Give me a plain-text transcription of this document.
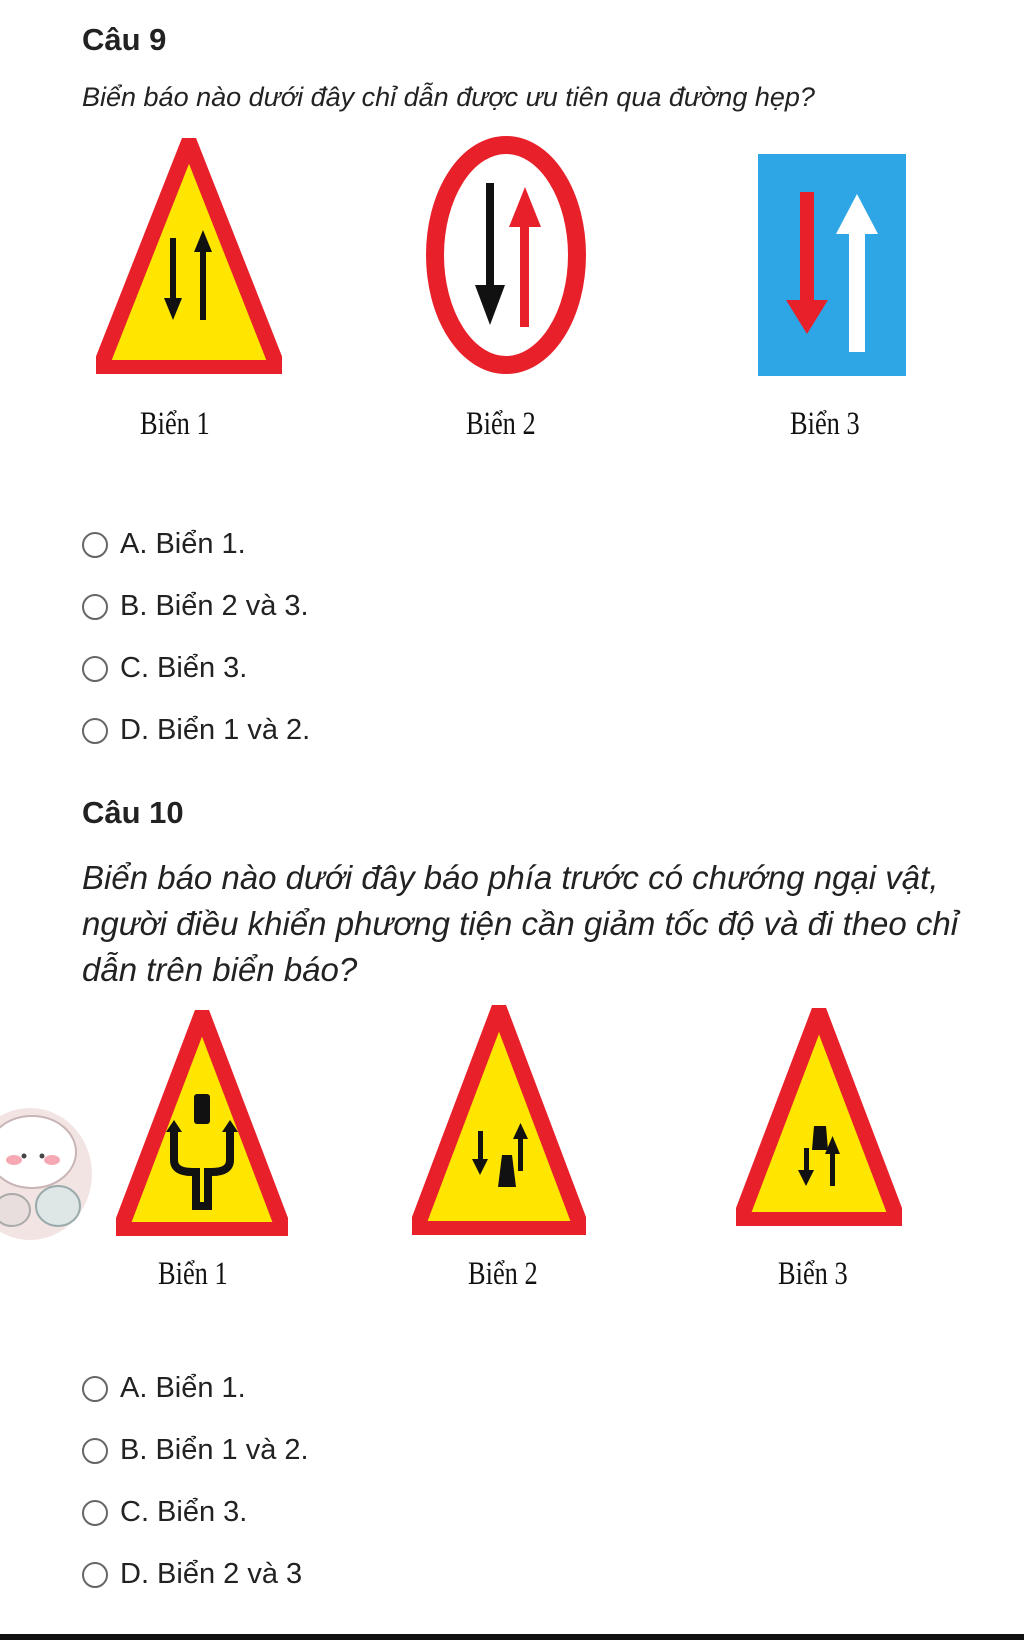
Câu 9
Biển báo nào dưới đây chỉ dẫn được ưu tiên qua đường hẹp?
Biển 1	Biển 2	Biển 3
A. Biển 1.
B. Biển 2 và 3.
C. Biển 3.
D. Biển 1 và 2.
Câu 10
Biển báo nào dưới đây báo phía trước có chướng ngại vật, người điều khiển phương tiện cần giảm tốc độ và đi theo chỉ dẫn trên biển báo?
Biển 1	Biển 2	Biển 3
A. Biển 1.
B. Biển 1 và 2.
C. Biển 3.
D. Biển 2 và 3
